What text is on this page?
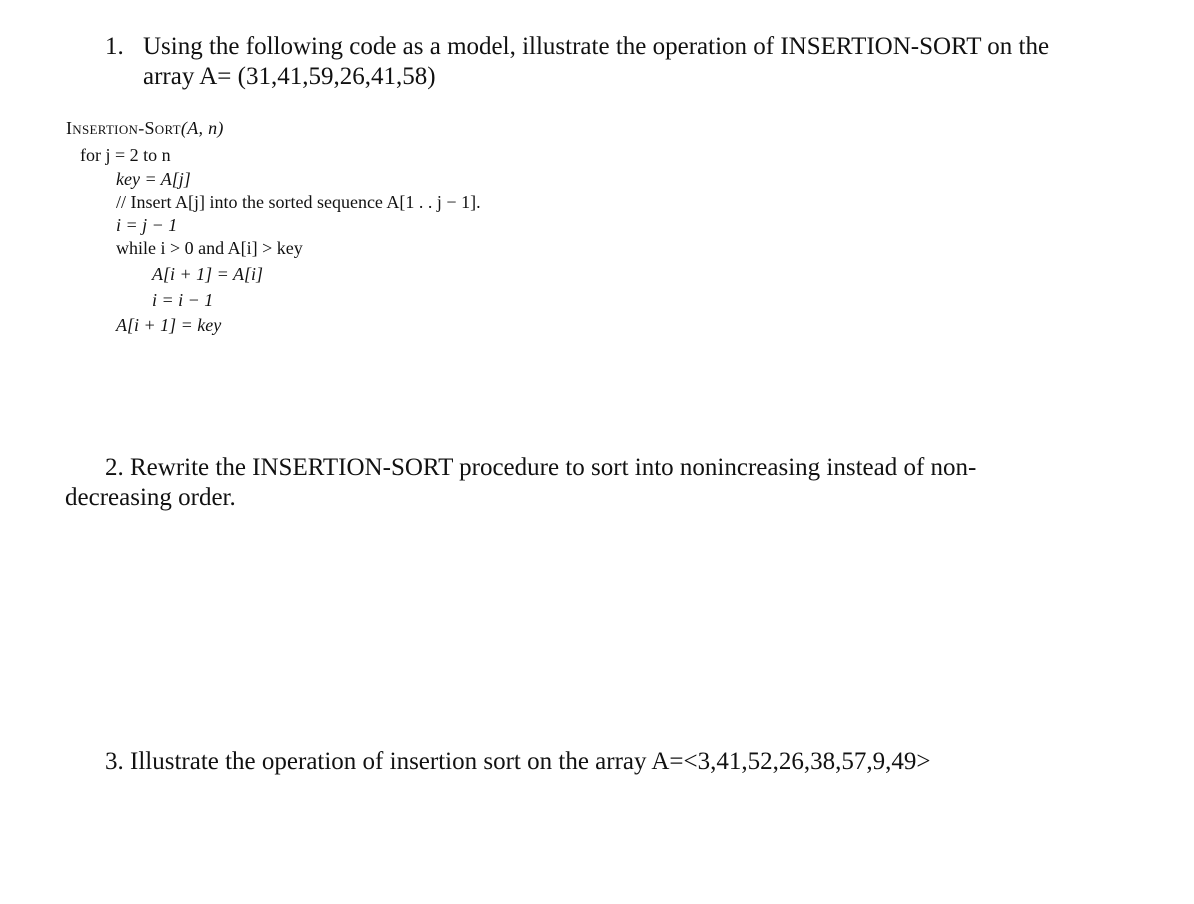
1. Using the following code as a model, illustrate the operation of INSERTION-SORT on the array A= (31,41,59,26,41,58)
Insertion-Sort(A, n)
for j = 2 to n
key = A[j]
// Insert A[j] into the sorted sequence A[1 . . j − 1].
i = j − 1
while i > 0 and A[i] > key
A[i + 1] = A[i]
i = i − 1
A[i + 1] = key
2. Rewrite the INSERTION-SORT procedure to sort into nonincreasing instead of non-decreasing order.
3. Illustrate the operation of insertion sort on the array A=<3,41,52,26,38,57,9,49>
